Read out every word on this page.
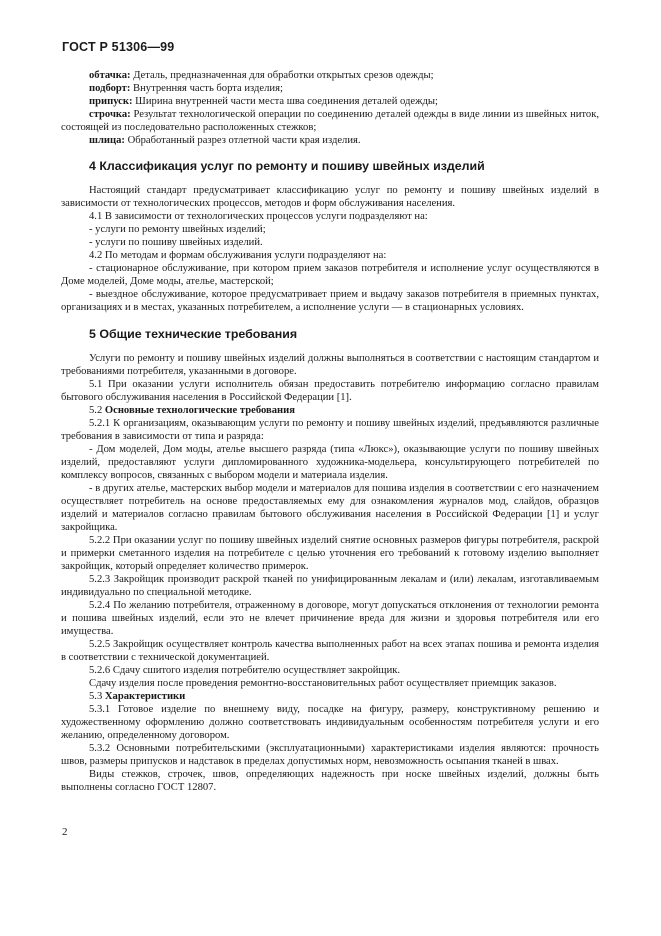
ГОСТ Р 51306—99

обтачка: Деталь, предназначенная для обработки открытых срезов одежды;

подборт: Внутренняя часть борта изделия;

припуск: Ширина внутренней части места шва соединения деталей одежды;

строчка: Результат технологической операции по соединению деталей одежды в виде линии из швейных ниток, состоящей из последовательно расположенных стежков;

шлица: Обработанный разрез отлетной части края изделия.

4 Классификация услуг по ремонту и пошиву швейных изделий

Настоящий стандарт предусматривает классификацию услуг по ремонту и пошиву швейных изделий в зависимости от технологических процессов, методов и форм обслуживания населения.

4.1 В зависимости от технологических процессов услуги подразделяют на:

- услуги по ремонту швейных изделий;

- услуги по пошиву швейных изделий.

4.2 По методам и формам обслуживания услуги подразделяют на:

- стационарное обслуживание, при котором прием заказов потребителя и исполнение услуг осуществляются в Доме моделей, Доме моды, ателье, мастерской;

- выездное обслуживание, которое предусматривает прием и выдачу заказов потребителя в приемных пунктах, организациях и в местах, указанных потребителем, а исполнение услуги — в стационарных условиях.

5 Общие технические требования

Услуги по ремонту и пошиву швейных изделий должны выполняться в соответствии с настоящим стандартом и требованиями потребителя, указанными в договоре.

5.1 При оказании услуги исполнитель обязан предоставить потребителю информацию согласно правилам бытового обслуживания населения в Российской Федерации [1].

5.2 Основные технологические требования

5.2.1 К организациям, оказывающим услуги по ремонту и пошиву швейных изделий, предъявляются различные требования в зависимости от типа и разряда:

- Дом моделей, Дом моды, ателье высшего разряда (типа «Люкс»), оказывающие услуги по пошиву швейных изделий, предоставляют услуги дипломированного художника-модельера, консультирующего потребителей по комплексу вопросов, связанных с выбором модели и материала изделия.

- в других ателье, мастерских выбор модели и материалов для пошива изделия в соответствии с его назначением осуществляет потребитель на основе предоставляемых ему для ознакомления журналов мод, слайдов, образцов изделий и материалов согласно правилам бытового обслуживания населения в Российской Федерации [1] и услуг закройщика.

5.2.2 При оказании услуг по пошиву швейных изделий снятие основных размеров фигуры потребителя, раскрой и примерки сметанного изделия на потребителе с целью уточнения его требований к готовому изделию выполняет закройщик, который определяет количество примерок.

5.2.3 Закройщик производит раскрой тканей по унифицированным лекалам и (или) лекалам, изготавливаемым индивидуально по специальной методике.

5.2.4 По желанию потребителя, отраженному в договоре, могут допускаться отклонения от технологии ремонта и пошива швейных изделий, если это не влечет причинение вреда для жизни и здоровья потребителя или его имущества.

5.2.5 Закройщик осуществляет контроль качества выполненных работ на всех этапах пошива и ремонта изделия в соответствии с технической документацией.

5.2.6 Сдачу сшитого изделия потребителю осуществляет закройщик.

Сдачу изделия после проведения ремонтно-восстановительных работ осуществляет приемщик заказов.

5.3 Характеристики

5.3.1 Готовое изделие по внешнему виду, посадке на фигуру, размеру, конструктивному решению и художественному оформлению должно соответствовать индивидуальным особенностям потребителя услуги и его желанию, определенному договором.

5.3.2 Основными потребительскими (эксплуатационными) характеристиками изделия являются: прочность швов, размеры припусков и надставок в пределах допустимых норм, невозможность осыпания тканей в швах.

Виды стежков, строчек, швов, определяющих надежность при носке швейных изделий, должны быть выполнены согласно ГОСТ 12807.

2
